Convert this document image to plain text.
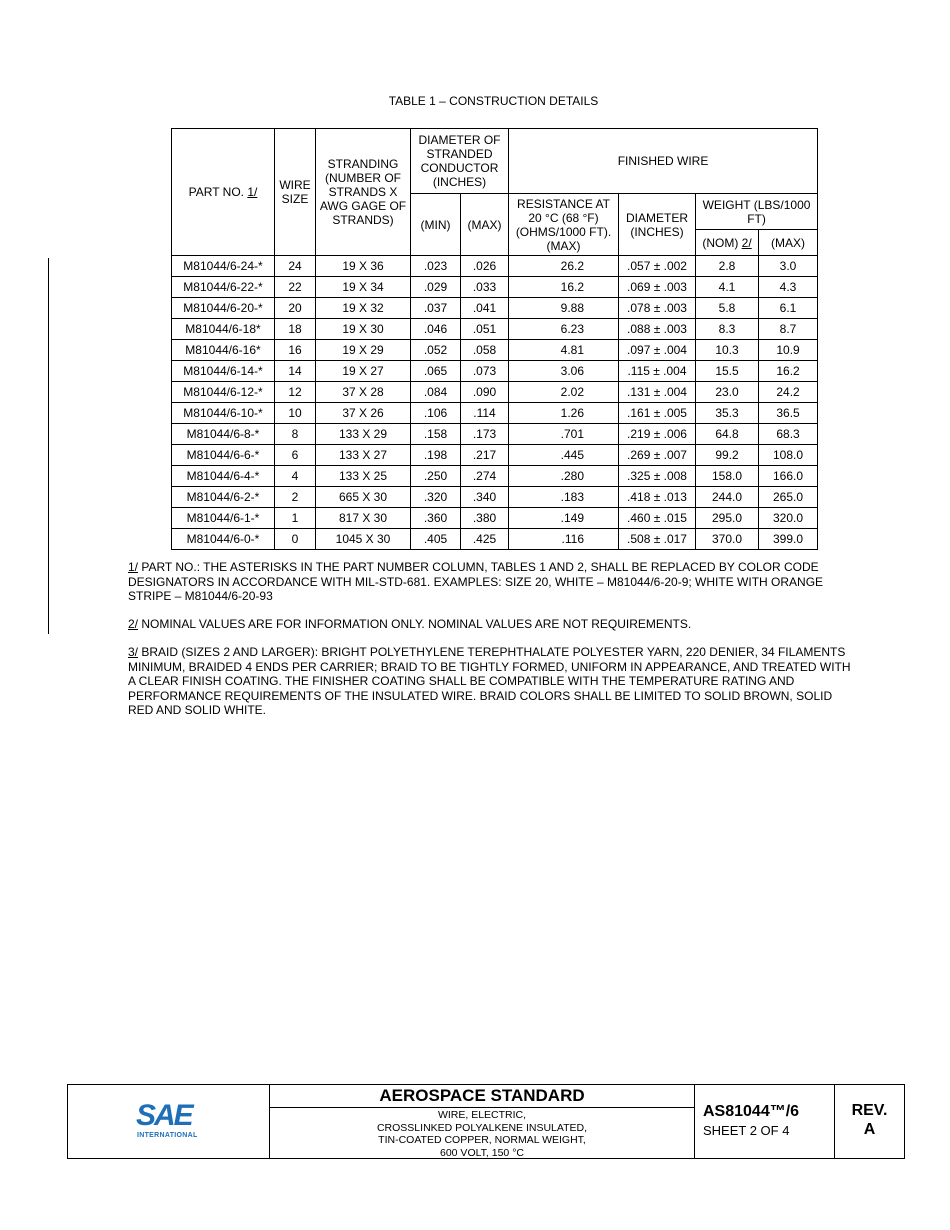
TABLE 1 – CONSTRUCTION DETAILS
PART NO. 1/	WIRE SIZE	STRANDING (NUMBER OF STRANDS X AWG GAGE OF STRANDS)	DIAMETER OF STRANDED CONDUCTOR (INCHES)		FINISHED WIRE			
			(MIN)	(MAX)	RESISTANCE AT 20 °C (68 °F) (OHMS/1000 FT). (MAX)	DIAMETER (INCHES)	WEIGHT (LBS/1000 FT)	
							(NOM) 2/	(MAX)
M81044/6-24-*	24	19 X 36	.023	.026	26.2	.057 ± .002	2.8	3.0
M81044/6-22-*	22	19 X 34	.029	.033	16.2	.069 ± .003	4.1	4.3
M81044/6-20-*	20	19 X 32	.037	.041	9.88	.078 ± .003	5.8	6.1
M81044/6-18*	18	19 X 30	.046	.051	6.23	.088 ± .003	8.3	8.7
M81044/6-16*	16	19 X 29	.052	.058	4.81	.097 ± .004	10.3	10.9
M81044/6-14-*	14	19 X 27	.065	.073	3.06	.115 ± .004	15.5	16.2
M81044/6-12-*	12	37 X 28	.084	.090	2.02	.131 ± .004	23.0	24.2
M81044/6-10-*	10	37 X 26	.106	.114	1.26	.161 ± .005	35.3	36.5
M81044/6-8-*	8	133 X 29	.158	.173	.701	.219 ± .006	64.8	68.3
M81044/6-6-*	6	133 X 27	.198	.217	.445	.269 ± .007	99.2	108.0
M81044/6-4-*	4	133 X 25	.250	.274	.280	.325 ± .008	158.0	166.0
M81044/6-2-*	2	665 X 30	.320	.340	.183	.418 ± .013	244.0	265.0
M81044/6-1-*	1	817 X 30	.360	.380	.149	.460 ± .015	295.0	320.0
M81044/6-0-*	0	1045 X 30	.405	.425	.116	.508 ± .017	370.0	399.0
1/ PART NO.: THE ASTERISKS IN THE PART NUMBER COLUMN, TABLES 1 AND 2, SHALL BE REPLACED BY COLOR CODE DESIGNATORS IN ACCORDANCE WITH MIL-STD-681. EXAMPLES: SIZE 20, WHITE – M81044/6-20-9; WHITE WITH ORANGE STRIPE – M81044/6-20-93
2/ NOMINAL VALUES ARE FOR INFORMATION ONLY. NOMINAL VALUES ARE NOT REQUIREMENTS.
3/ BRAID (SIZES 2 AND LARGER): BRIGHT POLYETHYLENE TEREPHTHALATE POLYESTER YARN, 220 DENIER, 34 FILAMENTS MINIMUM, BRAIDED 4 ENDS PER CARRIER; BRAID TO BE TIGHTLY FORMED, UNIFORM IN APPEARANCE, AND TREATED WITH A CLEAR FINISH COATING. THE FINISHER COATING SHALL BE COMPATIBLE WITH THE TEMPERATURE RATING AND PERFORMANCE REQUIREMENTS OF THE INSULATED WIRE. BRAID COLORS SHALL BE LIMITED TO SOLID BROWN, SOLID RED AND SOLID WHITE.
SAE
INTERNATIONAL
AEROSPACE STANDARD
WIRE, ELECTRIC,
CROSSLINKED POLYALKENE INSULATED,
TIN-COATED COPPER, NORMAL WEIGHT,
600 VOLT, 150 °C
AS81044™/6
SHEET 2 OF 4
REV.
A
